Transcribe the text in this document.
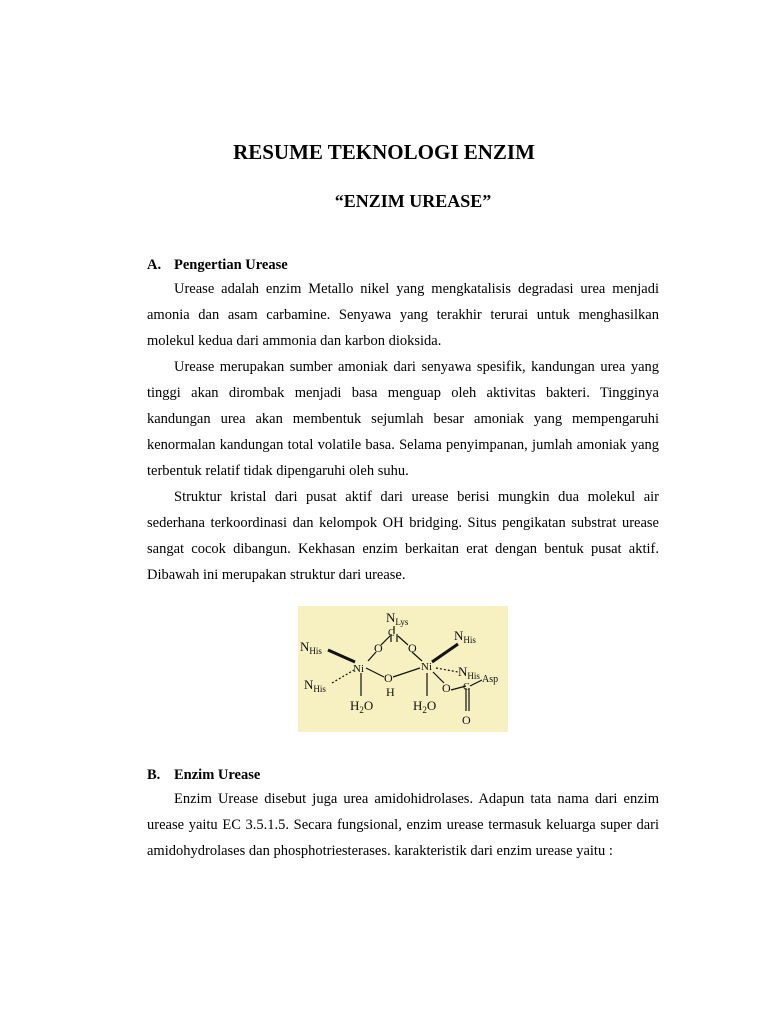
RESUME TEKNOLOGI ENZIM
“ENZIM UREASE”
A. Pengertian Urease

Urease adalah enzim Metallo nikel yang mengkatalisis degradasi urea menjadi amonia dan asam carbamine. Senyawa yang terakhir terurai untuk menghasilkan molekul kedua dari ammonia dan karbon dioksida.

Urease merupakan sumber amoniak dari senyawa spesifik, kandungan urea yang tinggi akan dirombak menjadi basa menguap oleh aktivitas bakteri. Tingginya kandungan urea akan membentuk sejumlah besar amoniak yang mempengaruhi kenormalan kandungan total volatile basa. Selama penyimpanan, jumlah amoniak yang terbentuk relatif tidak dipengaruhi oleh suhu.

Struktur kristal dari pusat aktif dari urease berisi mungkin dua molekul air sederhana terkoordinasi dan kelompok OH bridging. Situs pengikatan substrat urease sangat cocok dibangun. Kekhasan enzim berkaitan erat dengan bentuk pusat aktif. Dibawah ini merupakan struktur dari urease.

$N_{Lys}$
C
O O
$N_{His}$
$N_{His}$
Ni
O
H
Ni $N_{His}$
$N_{His}$
$H_2O$	$H_2O$
O C
Asp
O
B. Enzim Urease

Enzim Urease disebut juga urea amidohidrolases. Adapun tata nama dari enzim urease yaitu EC 3.5.1.5. Secara fungsional, enzim urease termasuk keluarga super dari amidohydrolases dan phosphotriesterases. karakteristik dari enzim urease yaitu :
